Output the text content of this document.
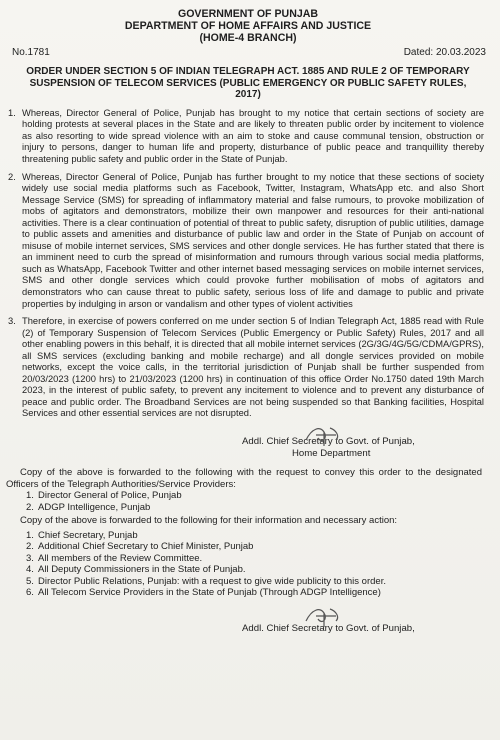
GOVERNMENT OF PUNJAB
DEPARTMENT OF HOME AFFAIRS AND JUSTICE
(HOME-4 BRANCH)
No.1781	Dated: 20.03.2023
ORDER UNDER SECTION 5 OF INDIAN TELEGRAPH ACT. 1885 AND RULE 2 OF TEMPORARY SUSPENSION OF TELECOM SERVICES (PUBLIC EMERGENCY OR PUBLIC SAFETY RULES, 2017)
1. Whereas, Director General of Police, Punjab has brought to my notice that certain sections of society are holding protests at several places in the State and are likely to threaten public order by incitement to violence as also resorting to wide spread violence with an aim to stoke and cause communal tension, obstruction or injury to persons, danger to human life and property, disturbance of public peace and tranquillity thereby threatening public safety and public order in the State of Punjab.
2. Whereas, Director General of Police, Punjab has further brought to my notice that these sections of society widely use social media platforms such as Facebook, Twitter, Instagram, WhatsApp etc. and also Short Message Service (SMS) for spreading of inflammatory material and false rumours, to provoke mobilization of mobs of agitators and demonstrators, mobilize their own manpower and resources for their anti-national activities. There is a clear continuation of potential of threat to public safety, disruption of public utilities, damage to public assets and amenities and disturbance of public law and order in the State of Punjab on account of misuse of mobile internet services, SMS services and other dongle services. He has further stated that there is an imminent need to curb the spread of misinformation and rumours through various social media platforms, such as WhatsApp, Facebook Twitter and other internet based messaging services on mobile internet services, SMS and other dongle services which could provoke further mobilisation of mobs of agitators and demonstrators who can cause threat to public safety, serious loss of life and damage to public and private properties by indulging in arson or vandalism and other types of violent activities
3. Therefore, in exercise of powers conferred on me under section 5 of Indian Telegraph Act, 1885 read with Rule (2) of Temporary Suspension of Telecom Services (Public Emergency or Public Safety) Rules, 2017 and all other enabling powers in this behalf, it is directed that all mobile internet services (2G/3G/4G/5G/CDMA/GPRS), all SMS services (excluding banking and mobile recharge) and all dongle services provided on mobile networks, except the voice calls, in the territorial jurisdiction of Punjab shall be further suspended from 20/03/2023 (1200 hrs) to 21/03/2023 (1200 hrs) in continuation of this office Order No.1750 dated 19th March 2023, in the interest of public safety, to prevent any incitement to violence and to prevent any disturbance of peace and public order. The Broadband Services are not being suspended so that Banking facilities, Hospital Services and other essential services are not disrupted.
Addl. Chief Secretary to Govt. of Punjab,
Home Department
Copy of the above is forwarded to the following with the request to convey this order to the designated Officers of the Telegraph Authorities/Service Providers:
1. Director General of Police, Punjab
2. ADGP Intelligence, Punjab
Copy of the above is forwarded to the following for their information and necessary action:
1. Chief Secretary, Punjab
2. Additional Chief Secretary to Chief Minister, Punjab
3. All members of the Review Committee.
4. All Deputy Commissioners in the State of Punjab.
5. Director Public Relations, Punjab: with a request to give wide publicity to this order.
6. All Telecom Service Providers in the State of Punjab (Through ADGP Intelligence)
Addl. Chief Secretary to Govt. of Punjab,
